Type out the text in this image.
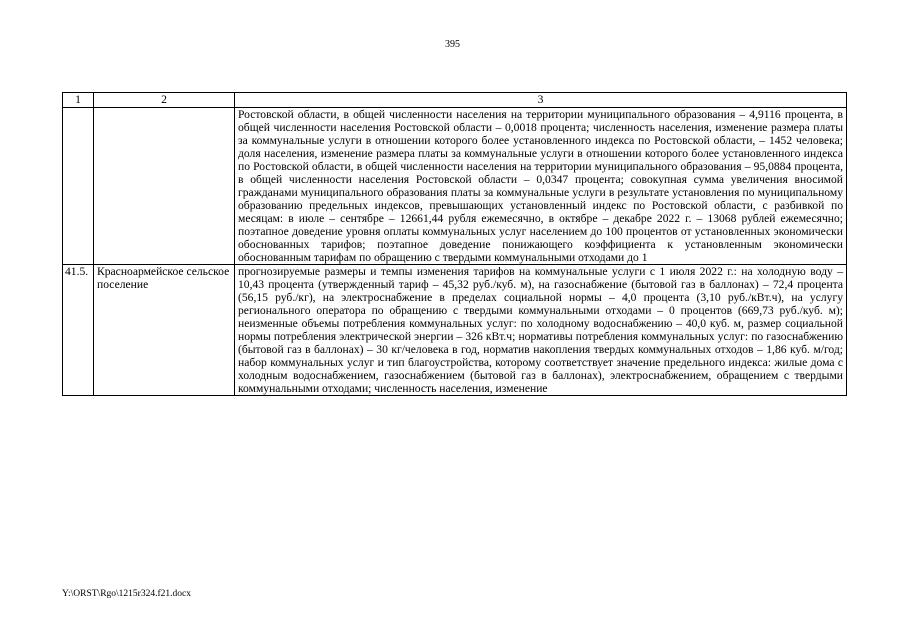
395
1	2	3

		Ростовской области, в общей численности населения на территории муниципального образования – 4,9116 процента, в общей численности населения Ростовской области – 0,0018 процента; численность населения, изменение размера платы за коммунальные услуги в отношении которого более установленного индекса по Ростовской области, – 1452 человека; доля населения, изменение размера платы за коммунальные услуги в отношении которого более установленного индекса по Ростовской области, в общей численности населения на территории муниципального образования – 95,0884 процента, в общей численности населения Ростовской области – 0,0347 процента; совокупная сумма увеличения вносимой гражданами муниципального образования платы за коммунальные услуги в результате установления по муниципальному образованию предельных индексов, превышающих установленный индекс по Ростовской области, с разбивкой по месяцам: в июле – сентябре – 12661,44 рубля ежемесячно, в октябре – декабре 2022 г. – 13068 рублей ежемесячно; поэтапное доведение уровня оплаты коммунальных услуг населением до 100 процентов от установленных экономически обоснованных тарифов; поэтапное доведение понижающего коэффициента к установленным экономически обоснованным тарифам по обращению с твердыми коммунальными отходами до 1

41.5.	Красноармейское сельское поселение	прогнозируемые размеры и темпы изменения тарифов на коммунальные услуги с 1 июля 2022 г.: на холодную воду – 10,43 процента (утвержденный тариф – 45,32 руб./куб. м), на газоснабжение (бытовой газ в баллонах) – 72,4 процента (56,15 руб./кг), на электроснабжение в пределах социальной нормы – 4,0 процента (3,10 руб./кВт.ч), на услугу регионального оператора по обращению с твердыми коммунальными отходами – 0 процентов (669,73 руб./куб. м); неизменные объемы потребления коммунальных услуг: по холодному водоснабжению – 40,0 куб. м, размер социальной нормы потребления электрической энергии – 326 кВт.ч; нормативы потребления коммунальных услуг: по газоснабжению (бытовой газ в баллонах) – 30 кг/человека в год, норматив накопления твердых коммунальных отходов – 1,86 куб. м/год; набор коммунальных услуг и тип благоустройства, которому соответствует значение предельного индекса: жилые дома с холодным водоснабжением, газоснабжением (бытовой газ в баллонах), электроснабжением, обращением с твердыми коммунальными отходами; численность населения, изменение
Y:\ORST\Rgo\1215r324.f21.docx
